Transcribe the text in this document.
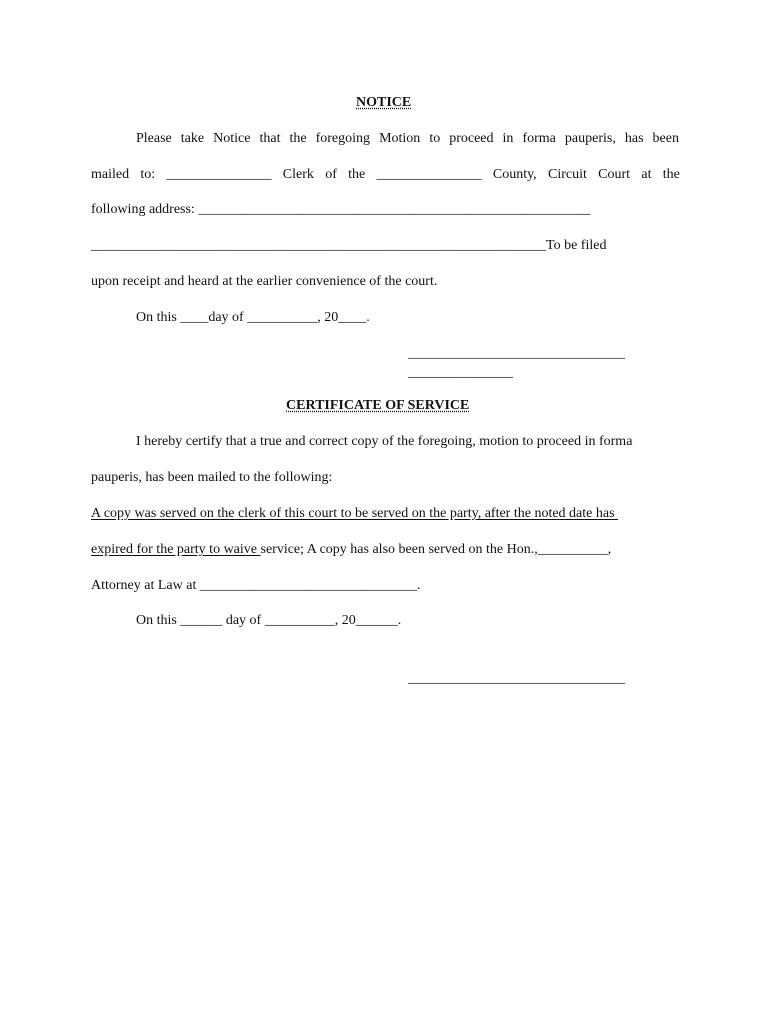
NOTICE
Please take Notice that the foregoing Motion to proceed in forma pauperis, has been
mailed to: _______________ Clerk of the _______________ County, Circuit Court at the
following address: ________________________________________________________
_________________________________________________________________To be filed
upon receipt and heard at the earlier convenience of the court.
On this ____day of __________, 20____.
_______________________________
_______________
CERTIFICATE OF SERVICE
I hereby certify that a true and correct copy of the foregoing, motion to proceed in forma
pauperis, has been mailed to the following:
A copy was served on the clerk of this court to be served on the party, after the noted date has
expired for the party to waive service; A copy has also been served on the Hon.,__________,
Attorney at Law at _______________________________.
On this ______ day of __________, 20______.
_______________________________
